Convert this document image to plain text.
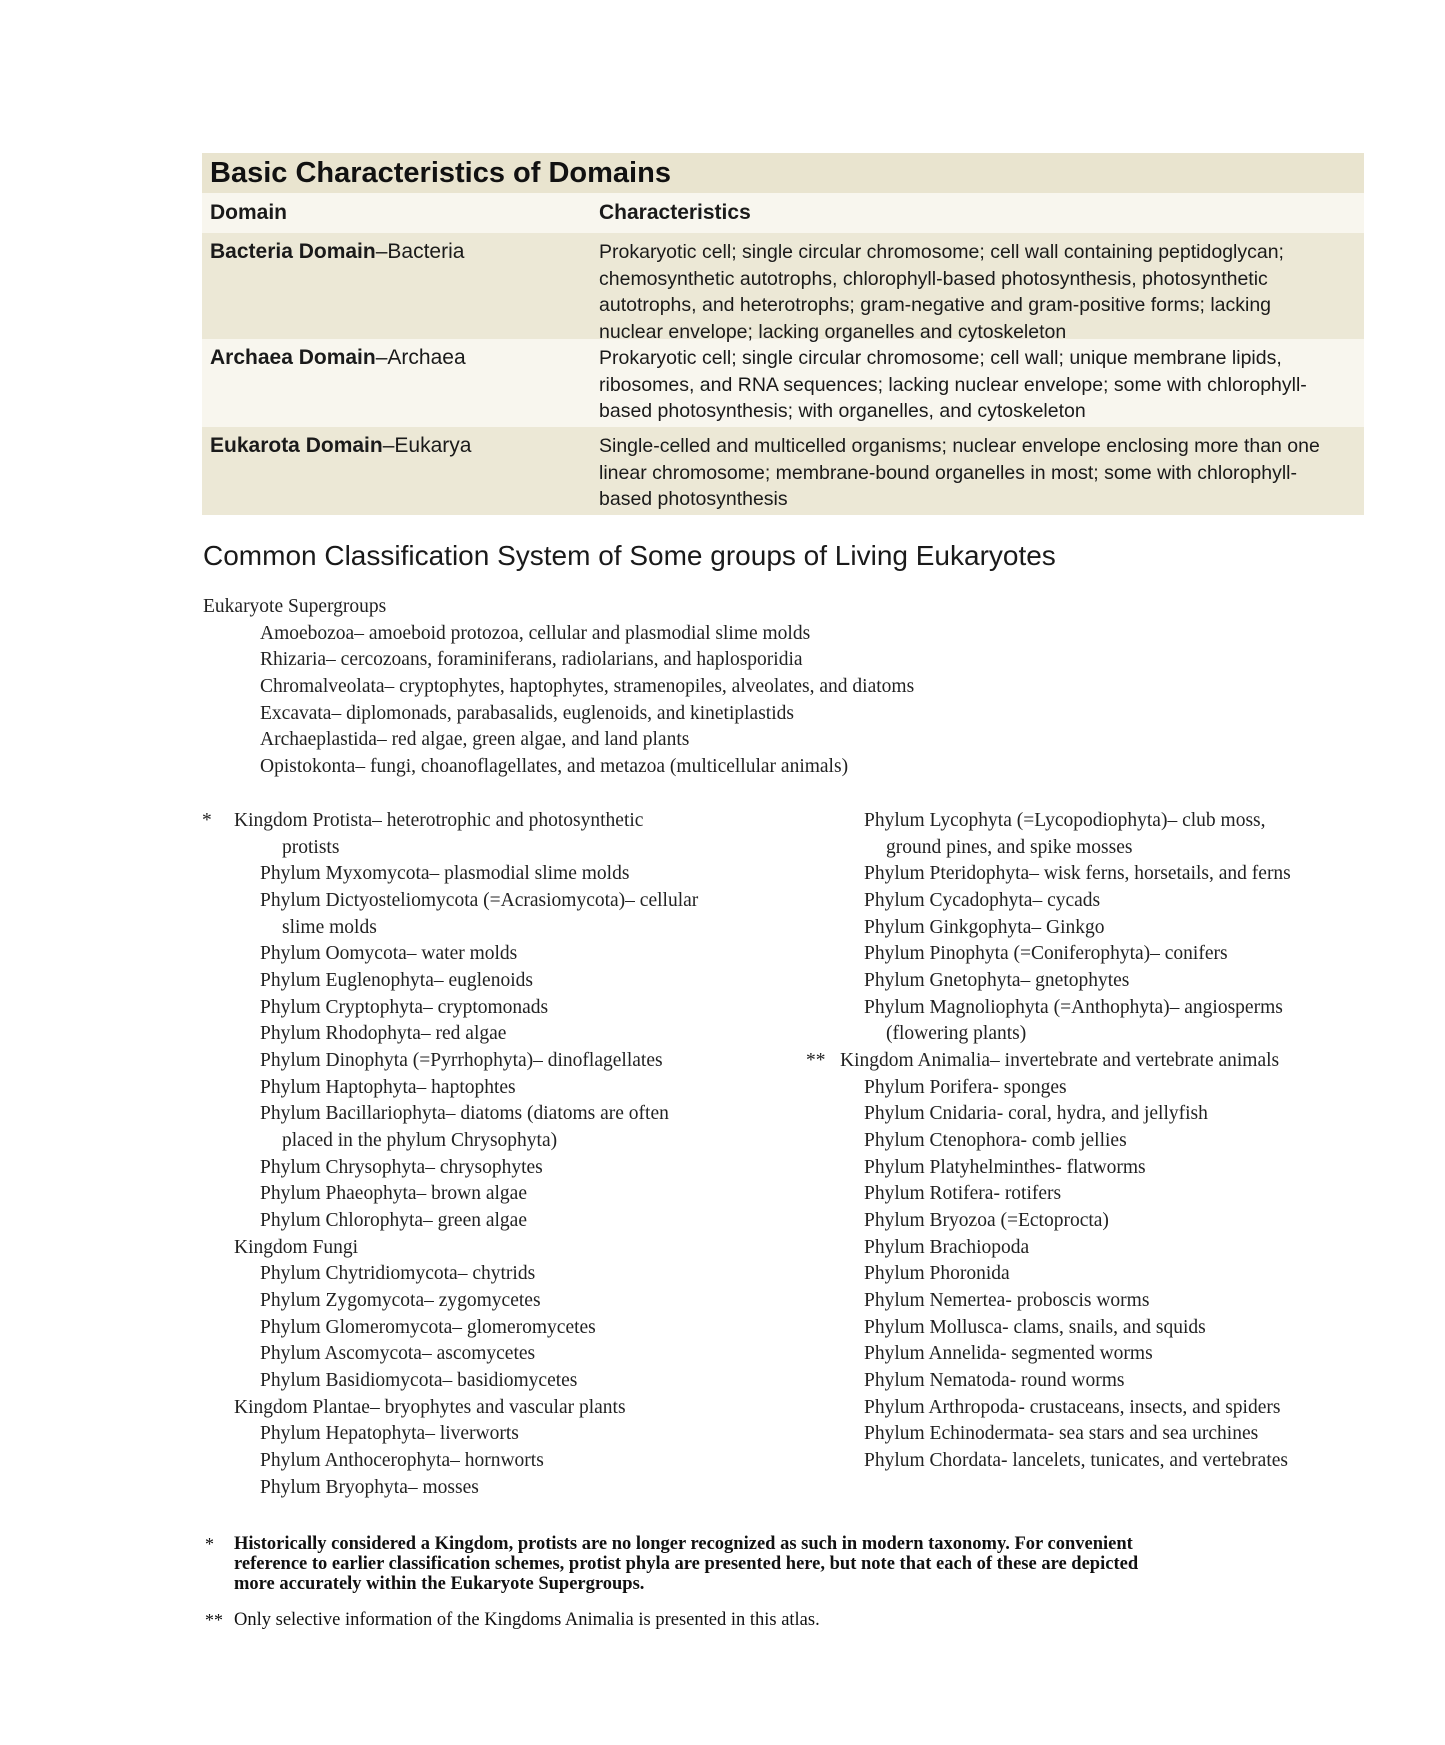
Basic Characteristics of Domains
Domain	Characteristics
Bacteria Domain–Bacteria	Prokaryotic cell; single circular chromosome; cell wall containing peptidoglycan;
chemosynthetic autotrophs, chlorophyll-based photosynthesis, photosynthetic
autotrophs, and heterotrophs; gram-negative and gram-positive forms; lacking
nuclear envelope; lacking organelles and cytoskeleton
Archaea Domain–Archaea	Prokaryotic cell; single circular chromosome; cell wall; unique membrane lipids,
ribosomes, and RNA sequences; lacking nuclear envelope; some with chlorophyll-
based photosynthesis; with organelles, and cytoskeleton
Eukarota Domain–Eukarya	Single-celled and multicelled organisms; nuclear envelope enclosing more than one
linear chromosome; membrane-bound organelles in most; some with chlorophyll-
based photosynthesis
Common Classification System of Some groups of Living Eukaryotes
Eukaryote Supergroups
Amoebozoa– amoeboid protozoa, cellular and plasmodial slime molds
Rhizaria– cercozoans, foraminiferans, radiolarians, and haplosporidia
Chromalveolata– cryptophytes, haptophytes, stramenopiles, alveolates, and diatoms
Excavata– diplomonads, parabasalids, euglenoids, and kinetiplastids
Archaeplastida– red algae, green algae, and land plants
Opistokonta– fungi, choanoflagellates, and metazoa (multicellular animals)
* Kingdom Protista– heterotrophic and photosynthetic
protists
Phylum Myxomycota– plasmodial slime molds
Phylum Dictyosteliomycota (=Acrasiomycota)– cellular
slime molds
Phylum Oomycota– water molds
Phylum Euglenophyta– euglenoids
Phylum Cryptophyta– cryptomonads
Phylum Rhodophyta– red algae
Phylum Dinophyta (=Pyrrhophyta)– dinoflagellates
Phylum Haptophyta– haptophtes
Phylum Bacillariophyta– diatoms (diatoms are often
placed in the phylum Chrysophyta)
Phylum Chrysophyta– chrysophytes
Phylum Phaeophyta– brown algae
Phylum Chlorophyta– green algae
Kingdom Fungi
Phylum Chytridiomycota– chytrids
Phylum Zygomycota– zygomycetes
Phylum Glomeromycota– glomeromycetes
Phylum Ascomycota– ascomycetes
Phylum Basidiomycota– basidiomycetes
Kingdom Plantae– bryophytes and vascular plants
Phylum Hepatophyta– liverworts
Phylum Anthocerophyta– hornworts
Phylum Bryophyta– mosses
Phylum Lycophyta (=Lycopodiophyta)– club moss,
ground pines, and spike mosses
Phylum Pteridophyta– wisk ferns, horsetails, and ferns
Phylum Cycadophyta– cycads
Phylum Ginkgophyta– Ginkgo
Phylum Pinophyta (=Coniferophyta)– conifers
Phylum Gnetophyta– gnetophytes
Phylum Magnoliophyta (=Anthophyta)– angiosperms
(flowering plants)
** Kingdom Animalia– invertebrate and vertebrate animals
Phylum Porifera- sponges
Phylum Cnidaria- coral, hydra, and jellyfish
Phylum Ctenophora- comb jellies
Phylum Platyhelminthes- flatworms
Phylum Rotifera- rotifers
Phylum Bryozoa (=Ectoprocta)
Phylum Brachiopoda
Phylum Phoronida
Phylum Nemertea- proboscis worms
Phylum Mollusca- clams, snails, and squids
Phylum Annelida- segmented worms
Phylum Nematoda- round worms
Phylum Arthropoda- crustaceans, insects, and spiders
Phylum Echinodermata- sea stars and sea urchines
Phylum Chordata- lancelets, tunicates, and vertebrates
* Historically considered a Kingdom, protists are no longer recognized as such in modern taxonomy. For convenient
reference to earlier classification schemes, protist phyla are presented here, but note that each of these are depicted
more accurately within the Eukaryote Supergroups.
** Only selective information of the Kingdoms Animalia is presented in this atlas.
